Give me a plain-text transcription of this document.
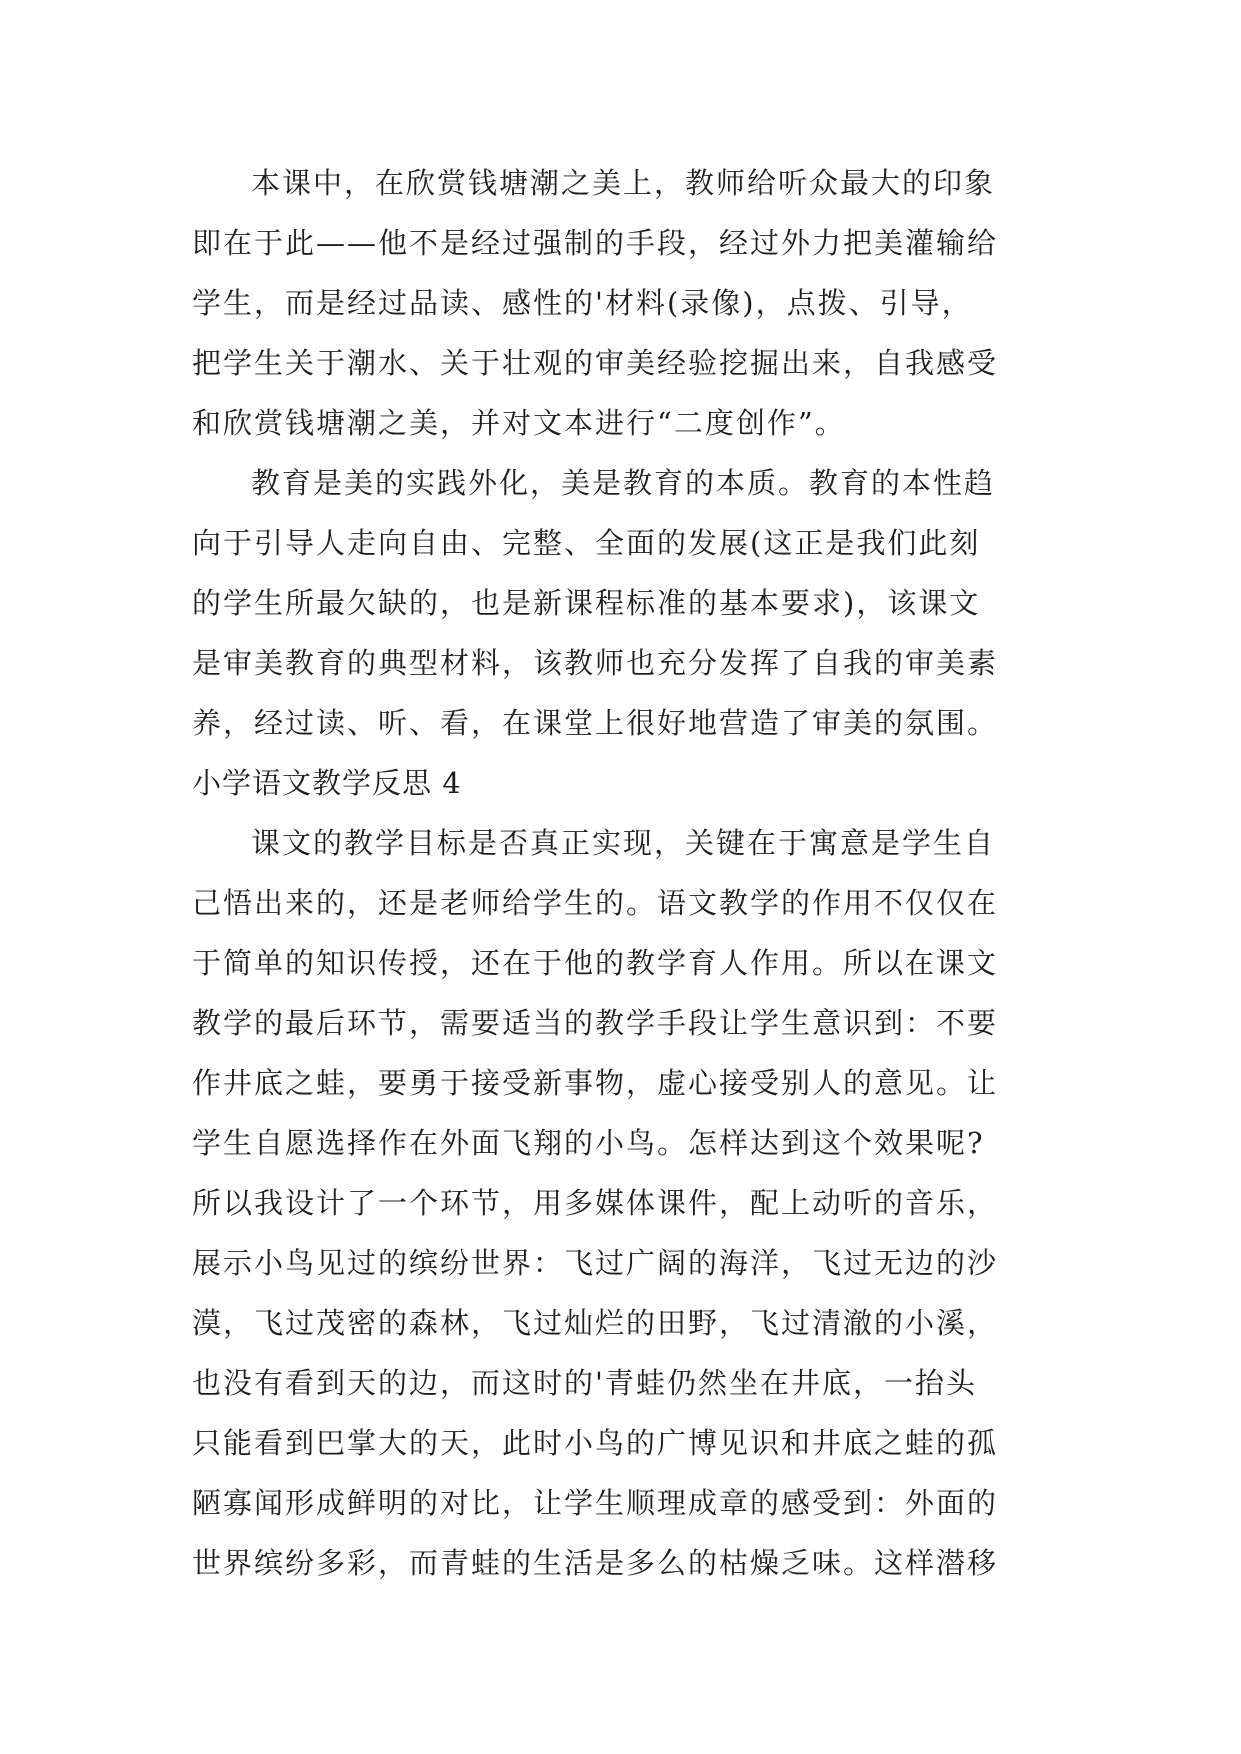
本课中，在欣赏钱塘潮之美上，教师给听众最大的印象
即在于此——他不是经过强制的手段，经过外力把美灌输给
学生，而是经过品读、感性的'材料(录像)，点拨、引导，
把学生关于潮水、关于壮观的审美经验挖掘出来，自我感受
和欣赏钱塘潮之美，并对文本进行“二度创作”。
教育是美的实践外化，美是教育的本质。教育的本性趋
向于引导人走向自由、完整、全面的发展(这正是我们此刻
的学生所最欠缺的，也是新课程标准的基本要求)，该课文
是审美教育的典型材料，该教师也充分发挥了自我的审美素
养，经过读、听、看，在课堂上很好地营造了审美的氛围。
小学语文教学反思 4
课文的教学目标是否真正实现，关键在于寓意是学生自
己悟出来的，还是老师给学生的。语文教学的作用不仅仅在
于简单的知识传授，还在于他的教学育人作用。所以在课文
教学的最后环节，需要适当的教学手段让学生意识到：不要
作井底之蛙，要勇于接受新事物，虚心接受别人的意见。让
学生自愿选择作在外面飞翔的小鸟。怎样达到这个效果呢?
所以我设计了一个环节，用多媒体课件，配上动听的音乐，
展示小鸟见过的缤纷世界：飞过广阔的海洋，飞过无边的沙
漠，飞过茂密的森林，飞过灿烂的田野，飞过清澈的小溪，
也没有看到天的边，而这时的'青蛙仍然坐在井底，一抬头
只能看到巴掌大的天，此时小鸟的广博见识和井底之蛙的孤
陋寡闻形成鲜明的对比，让学生顺理成章的感受到：外面的
世界缤纷多彩，而青蛙的生活是多么的枯燥乏味。这样潜移
